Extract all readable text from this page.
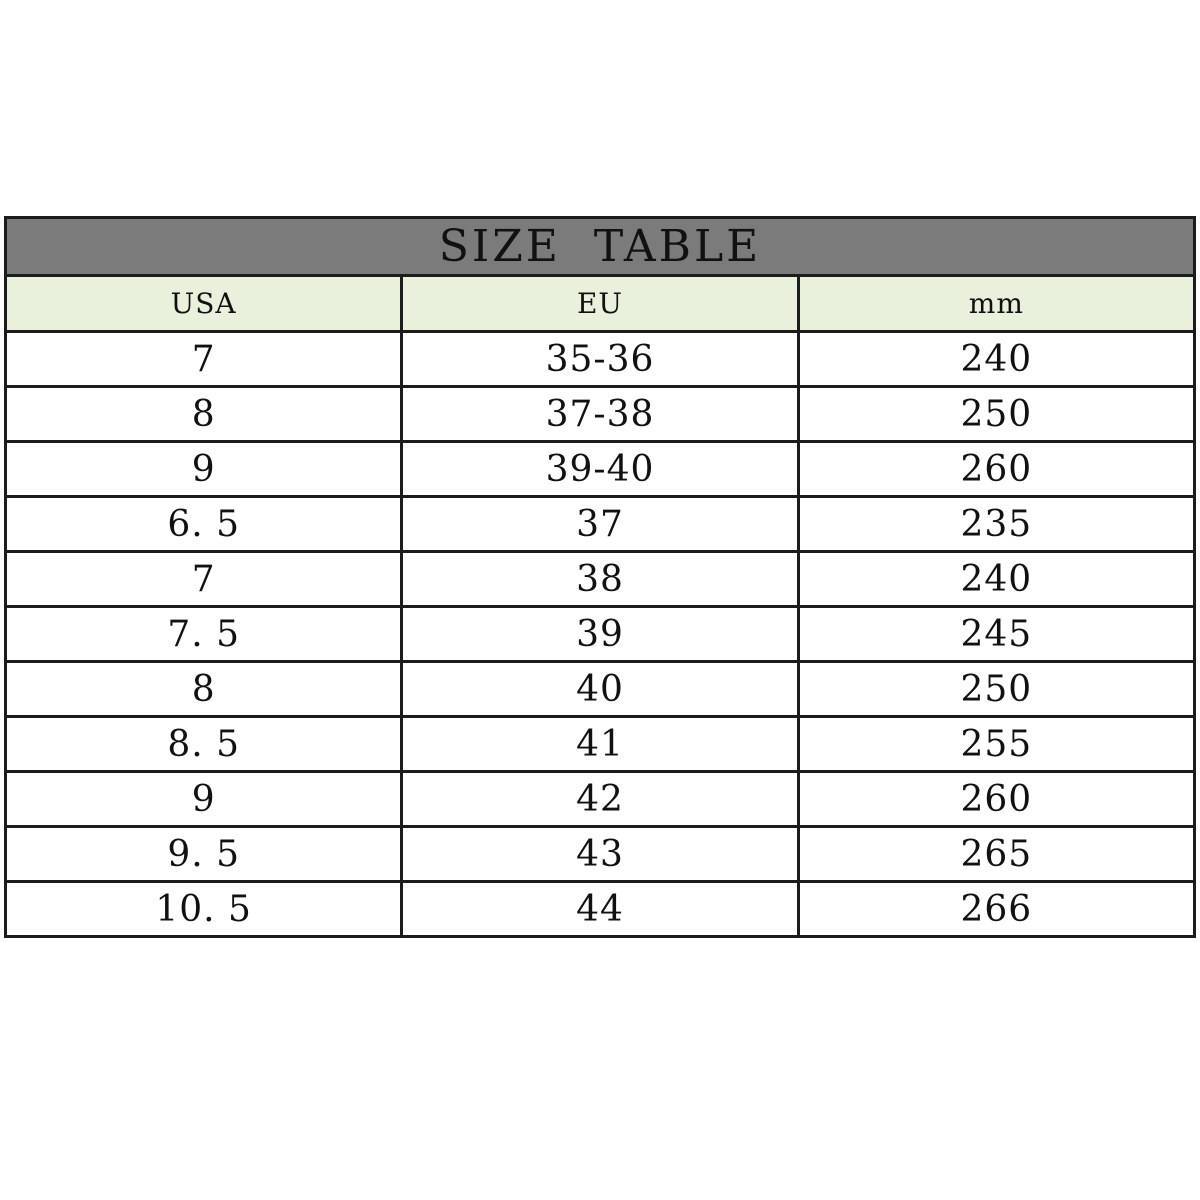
SIZE TABLE		
USA	EU	mm
7	35-36	240
8	37-38	250
9	39-40	260
6. 5	37	235
7	38	240
7. 5	39	245
8	40	250
8. 5	41	255
9	42	260
9. 5	43	265
10. 5	44	266
